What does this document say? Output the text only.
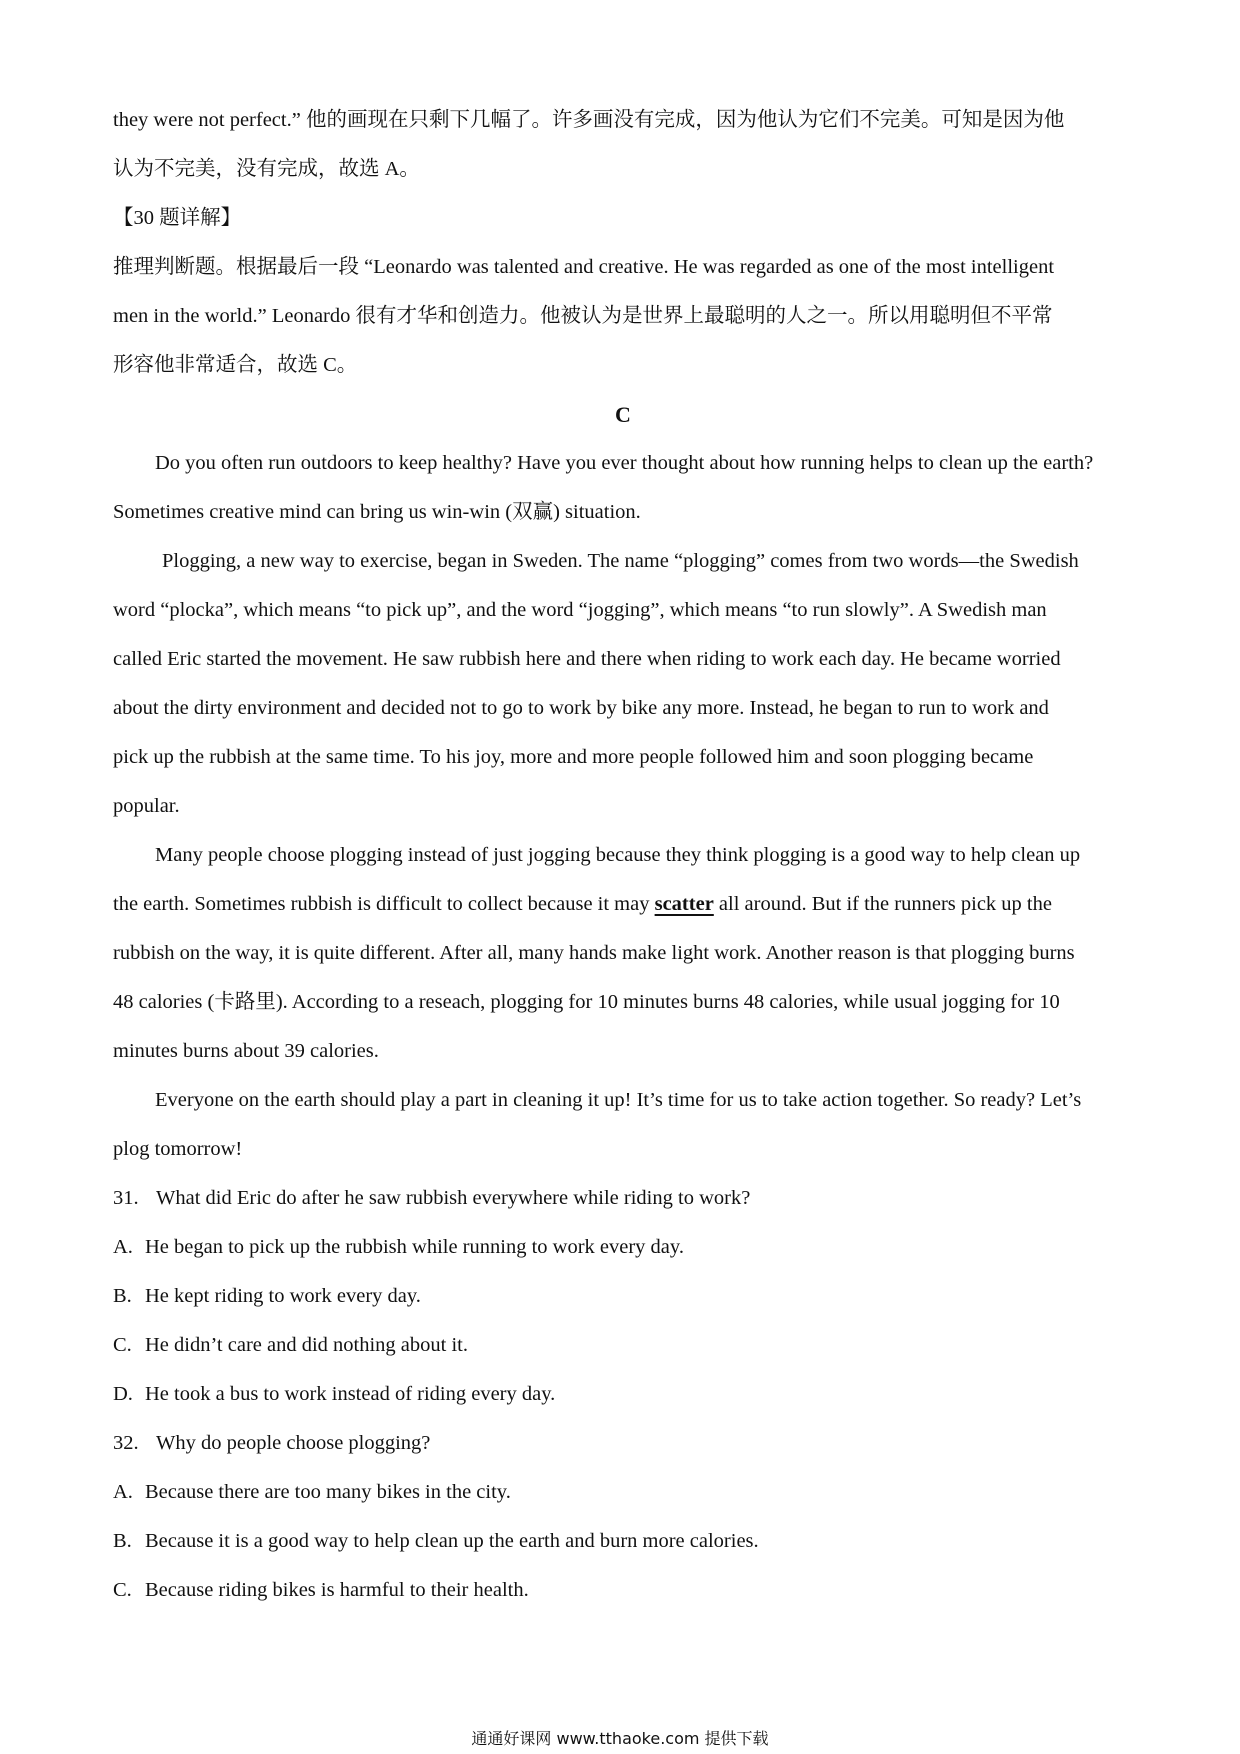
they were not perfect.” 他的画现在只剩下几幅了。许多画没有完成，因为他认为它们不完美。可知是因为他

认为不完美，没有完成，故选 A。

【30 题详解】

推理判断题。根据最后一段 “Leonardo was talented and creative. He was regarded as one of the most intelligent

men in the world.” Leonardo 很有才华和创造力。他被认为是世界上最聪明的人之一。所以用聪明但不平常

形容他非常适合，故选 C。

C

Do you often run outdoors to keep healthy? Have you ever thought about how running helps to clean up the earth?

Sometimes creative mind can bring us win-win (双赢) situation.

Plogging, a new way to exercise, began in Sweden. The name “plogging” comes from two words—the Swedish

word “plocka”, which means “to pick up”, and the word “jogging”, which means “to run slowly”. A Swedish man

called Eric started the movement. He saw rubbish here and there when riding to work each day. He became worried

about the dirty environment and decided not to go to work by bike any more. Instead, he began to run to work and

pick up the rubbish at the same time. To his joy, more and more people followed him and soon plogging became

popular.

Many people choose plogging instead of just jogging because they think plogging is a good way to help clean up

the earth. Sometimes rubbish is difficult to collect because it may scatter all around. But if the runners pick up the

rubbish on the way, it is quite different. After all, many hands make light work. Another reason is that plogging burns

48 calories (卡路里). According to a reseach, plogging for 10 minutes burns 48 calories, while usual jogging for 10

minutes burns about 39 calories.

Everyone on the earth should play a part in cleaning it up! It’s time for us to take action together. So ready? Let’s

plog tomorrow!

31. What did Eric do after he saw rubbish everywhere while riding to work?

A. He began to pick up the rubbish while running to work every day.

B. He kept riding to work every day.

C. He didn’t care and did nothing about it.

D. He took a bus to work instead of riding every day.

32. Why do people choose plogging?

A. Because there are too many bikes in the city.

B. Because it is a good way to help clean up the earth and burn more calories.

C. Because riding bikes is harmful to their health.

通通好课网 www.tthaoke.com 提供下载
